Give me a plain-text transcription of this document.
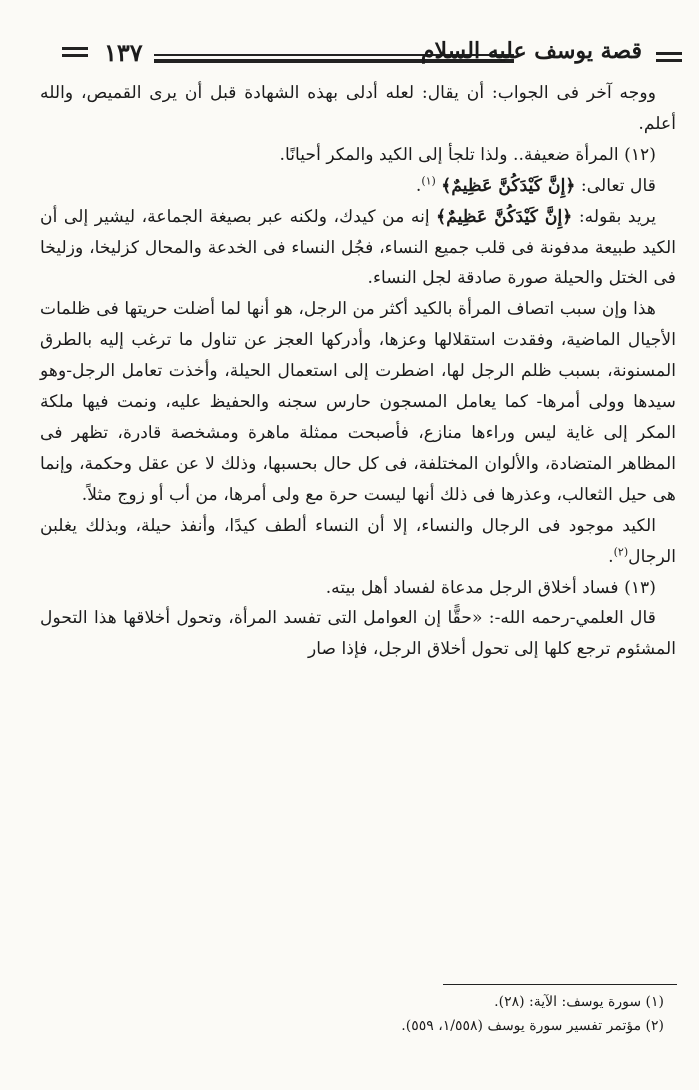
١٣٧	قصة يوسف عليه السلام

ووجه آخر فى الجواب: أن يقال: لعله أدلى بهذه الشهادة قبل أن يرى القميص، والله أعلم.

(١٢) المرأة ضعيفة.. ولذا تلجأ إلى الكيد والمكر أحيانًا.

قال تعالى: ﴿إِنَّ كَيْدَكُنَّ عَظِيمٌ﴾ $^{(١)}$.

يريد بقوله: ﴿إِنَّ كَيْدَكُنَّ عَظِيمٌ﴾ إنه من كيدك، ولكنه عبر بصيغة الجماعة، ليشير إلى أن الكيد طبيعة مدفونة فى قلب جميع النساء، فجُل النساء فى الخدعة والمحال كزليخا، وزليخا فى الختل والحيلة صورة صادقة لجل النساء.

هذا وإن سبب اتصاف المرأة بالكيد أكثر من الرجل، هو أنها لما أضلت حريتها فى ظلمات الأجيال الماضية، وفقدت استقلالها وعزها، وأدركها العجز عن تناول ما ترغب إليه بالطرق المسنونة، بسبب ظلم الرجل لها، اضطرت إلى استعمال الحيلة، وأخذت تعامل الرجل-وهو سيدها وولى أمرها- كما يعامل المسجون حارس سجنه والحفيظ عليه، ونمت فيها ملكة المكر إلى غاية ليس وراءها منازع، فأصبحت ممثلة ماهرة ومشخصة قادرة، تظهر فى المظاهر المتضادة، والألوان المختلفة، فى كل حال بحسبها، وذلك لا عن عقل وحكمة، وإنما هى حيل الثعالب، وعذرها فى ذلك أنها ليست حرة مع ولى أمرها، من أب أو زوج مثلاً.

الكيد موجود فى الرجال والنساء، إلا أن النساء ألطف كيدًا، وأنفذ حيلة، وبذلك يغلبن الرجال$^{(٢)}$.

(١٣) فساد أخلاق الرجل مدعاة لفساد أهل بيته.

قال العلمي-رحمه الله-: «حقًّا إن العوامل التى تفسد المرأة، وتحول أخلاقها هذا التحول المشئوم ترجع كلها إلى تحول أخلاق الرجل، فإذا صار

(١) سورة يوسف: الآية: (٢٨).
(٢) مؤتمر تفسير سورة يوسف (١/٥٥٨، ٥٥٩).
